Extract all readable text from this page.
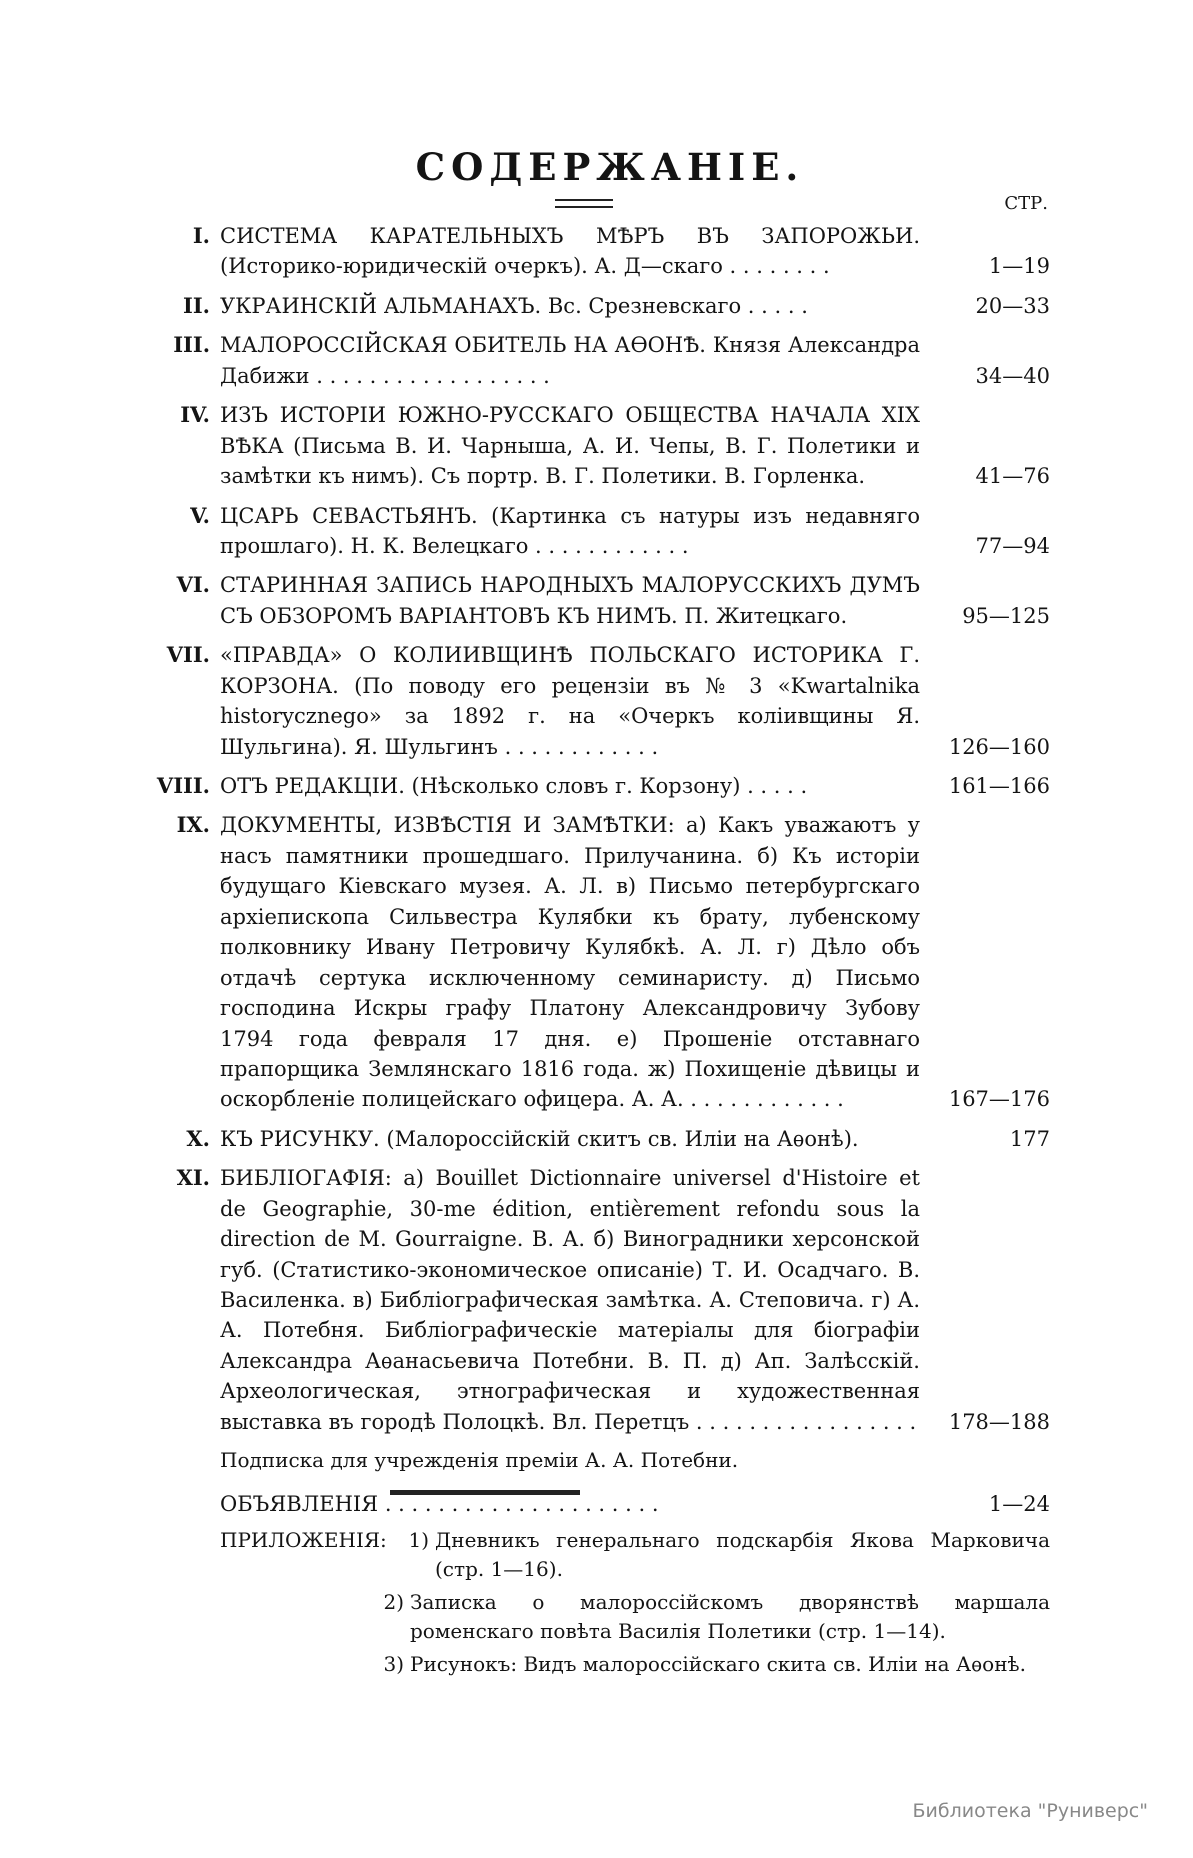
СОДЕРЖАНІЕ.
СТР.
I. СИСТЕМА КАРАТЕЛЬНЫХЪ МѢРЪ ВЪ ЗАПОРОЖЬИ. (Историко-юридическій очеркъ). А. Д—скаго . . . . . . . .	1—19
II. УКРАИНСКІЙ АЛЬМАНАХЪ. Вс. Срезневскаго . . . . .	20—33
III. МАЛОРОССІЙСКАЯ ОБИТЕЛЬ НА АѲОНѢ. Князя Александра Дабижи . . . . . . . . . . . . . . . . . .	34—40
IV. ИЗЪ ИСТОРІИ ЮЖНО-РУССКАГО ОБЩЕСТВА НАЧАЛА XIX ВѢКА (Письма В. И. Чарныша, А. И. Чепы, В. Г. Полетики и замѣтки къ нимъ). Съ портр. В. Г. Полетики. В. Горленка.	41—76
V. ЦСАРЬ СЕВАСТЬЯНЪ. (Картинка съ натуры изъ недавняго прошлаго). Н. К. Велецкаго . . . . . . . . . . . .	77—94
VI. СТАРИННАЯ ЗАПИСЬ НАРОДНЫХЪ МАЛОРУССКИХЪ ДУМЪ СЪ ОБЗОРОМЪ ВАРІАНТОВЪ КЪ НИМЪ. П. Житецкаго.	95—125
VII. «ПРАВДА» О КОЛИИВЩИНѢ ПОЛЬСКАГО ИСТОРИКА Г. КОРЗОНА. (По поводу его рецензіи въ № 3 «Kwartalnika historycznego» за 1892 г. на «Очеркъ коліивщины Я. Шульгина). Я. Шульгинъ . . . . . . . . . . . .	126—160
VIII. ОТЪ РЕДАКЦІИ. (Нѣсколько словъ г. Корзону) . . . . .	161—166
IX. ДОКУМЕНТЫ, ИЗВѢСТІЯ И ЗАМѢТКИ: а) Какъ уважаютъ у насъ памятники прошедшаго. Прилучанина. б) Къ исторіи будущаго Кіевскаго музея. А. Л. в) Письмо петербургскаго архіепископа Сильвестра Кулябки къ брату, лубенскому полковнику Ивану Петровичу Кулябкѣ. А. Л. г) Дѣло объ отдачѣ сертука исключенному семинаристу. д) Письмо господина Искры графу Платону Александровичу Зубову 1794 года февраля 17 дня. е) Прошеніе отставнаго прапорщика Землянскаго 1816 года. ж) Похищеніе дѣвицы и оскорбленіе полицейскаго офицера. А. А. . . . . . . . . . . . .	167—176
X. КЪ РИСУНКУ. (Малороссійскій скитъ св. Иліи на Аѳонѣ).	177
XI. БИБЛІОГАФІЯ: а) Bouillet Dictionnaire universel d'Histoire et de Geographie, 30-me édition, entièrement refondu sous la direction de M. Gourraigne. В. А. б) Виноградники херсонской губ. (Статистико-экономическое описаніе) Т. И. Осадчаго. В. Василенка. в) Библіографическая замѣтка. А. Степовича. г) А. А. Потебня. Библіографическіе матеріалы для біографіи Александра Аѳанасьевича Потебни. В. П. д) Ап. Залѣсскій. Археологическая, этнографическая и художественная выставка въ городѣ Полоцкѣ. Вл. Перетцъ . . . . . . . . . . . . . . . . .	178—188
Подписка для учрежденія преміи А. А. Потебни.
ОБЪЯВЛЕНІЯ . . . . . . . . . . . . . . . . . . . . .	1—24
ПРИЛОЖЕНІЯ:	1) Дневникъ генеральнаго подскарбія Якова Марковича (стр. 1—16).
2) Записка о малороссійскомъ дворянствѣ маршала роменскаго повѣта Василія Полетики (стр. 1—14).
3) Рисунокъ: Видъ малороссійскаго скита св. Иліи на Аѳонѣ.
Библиотека "Руниверс"
